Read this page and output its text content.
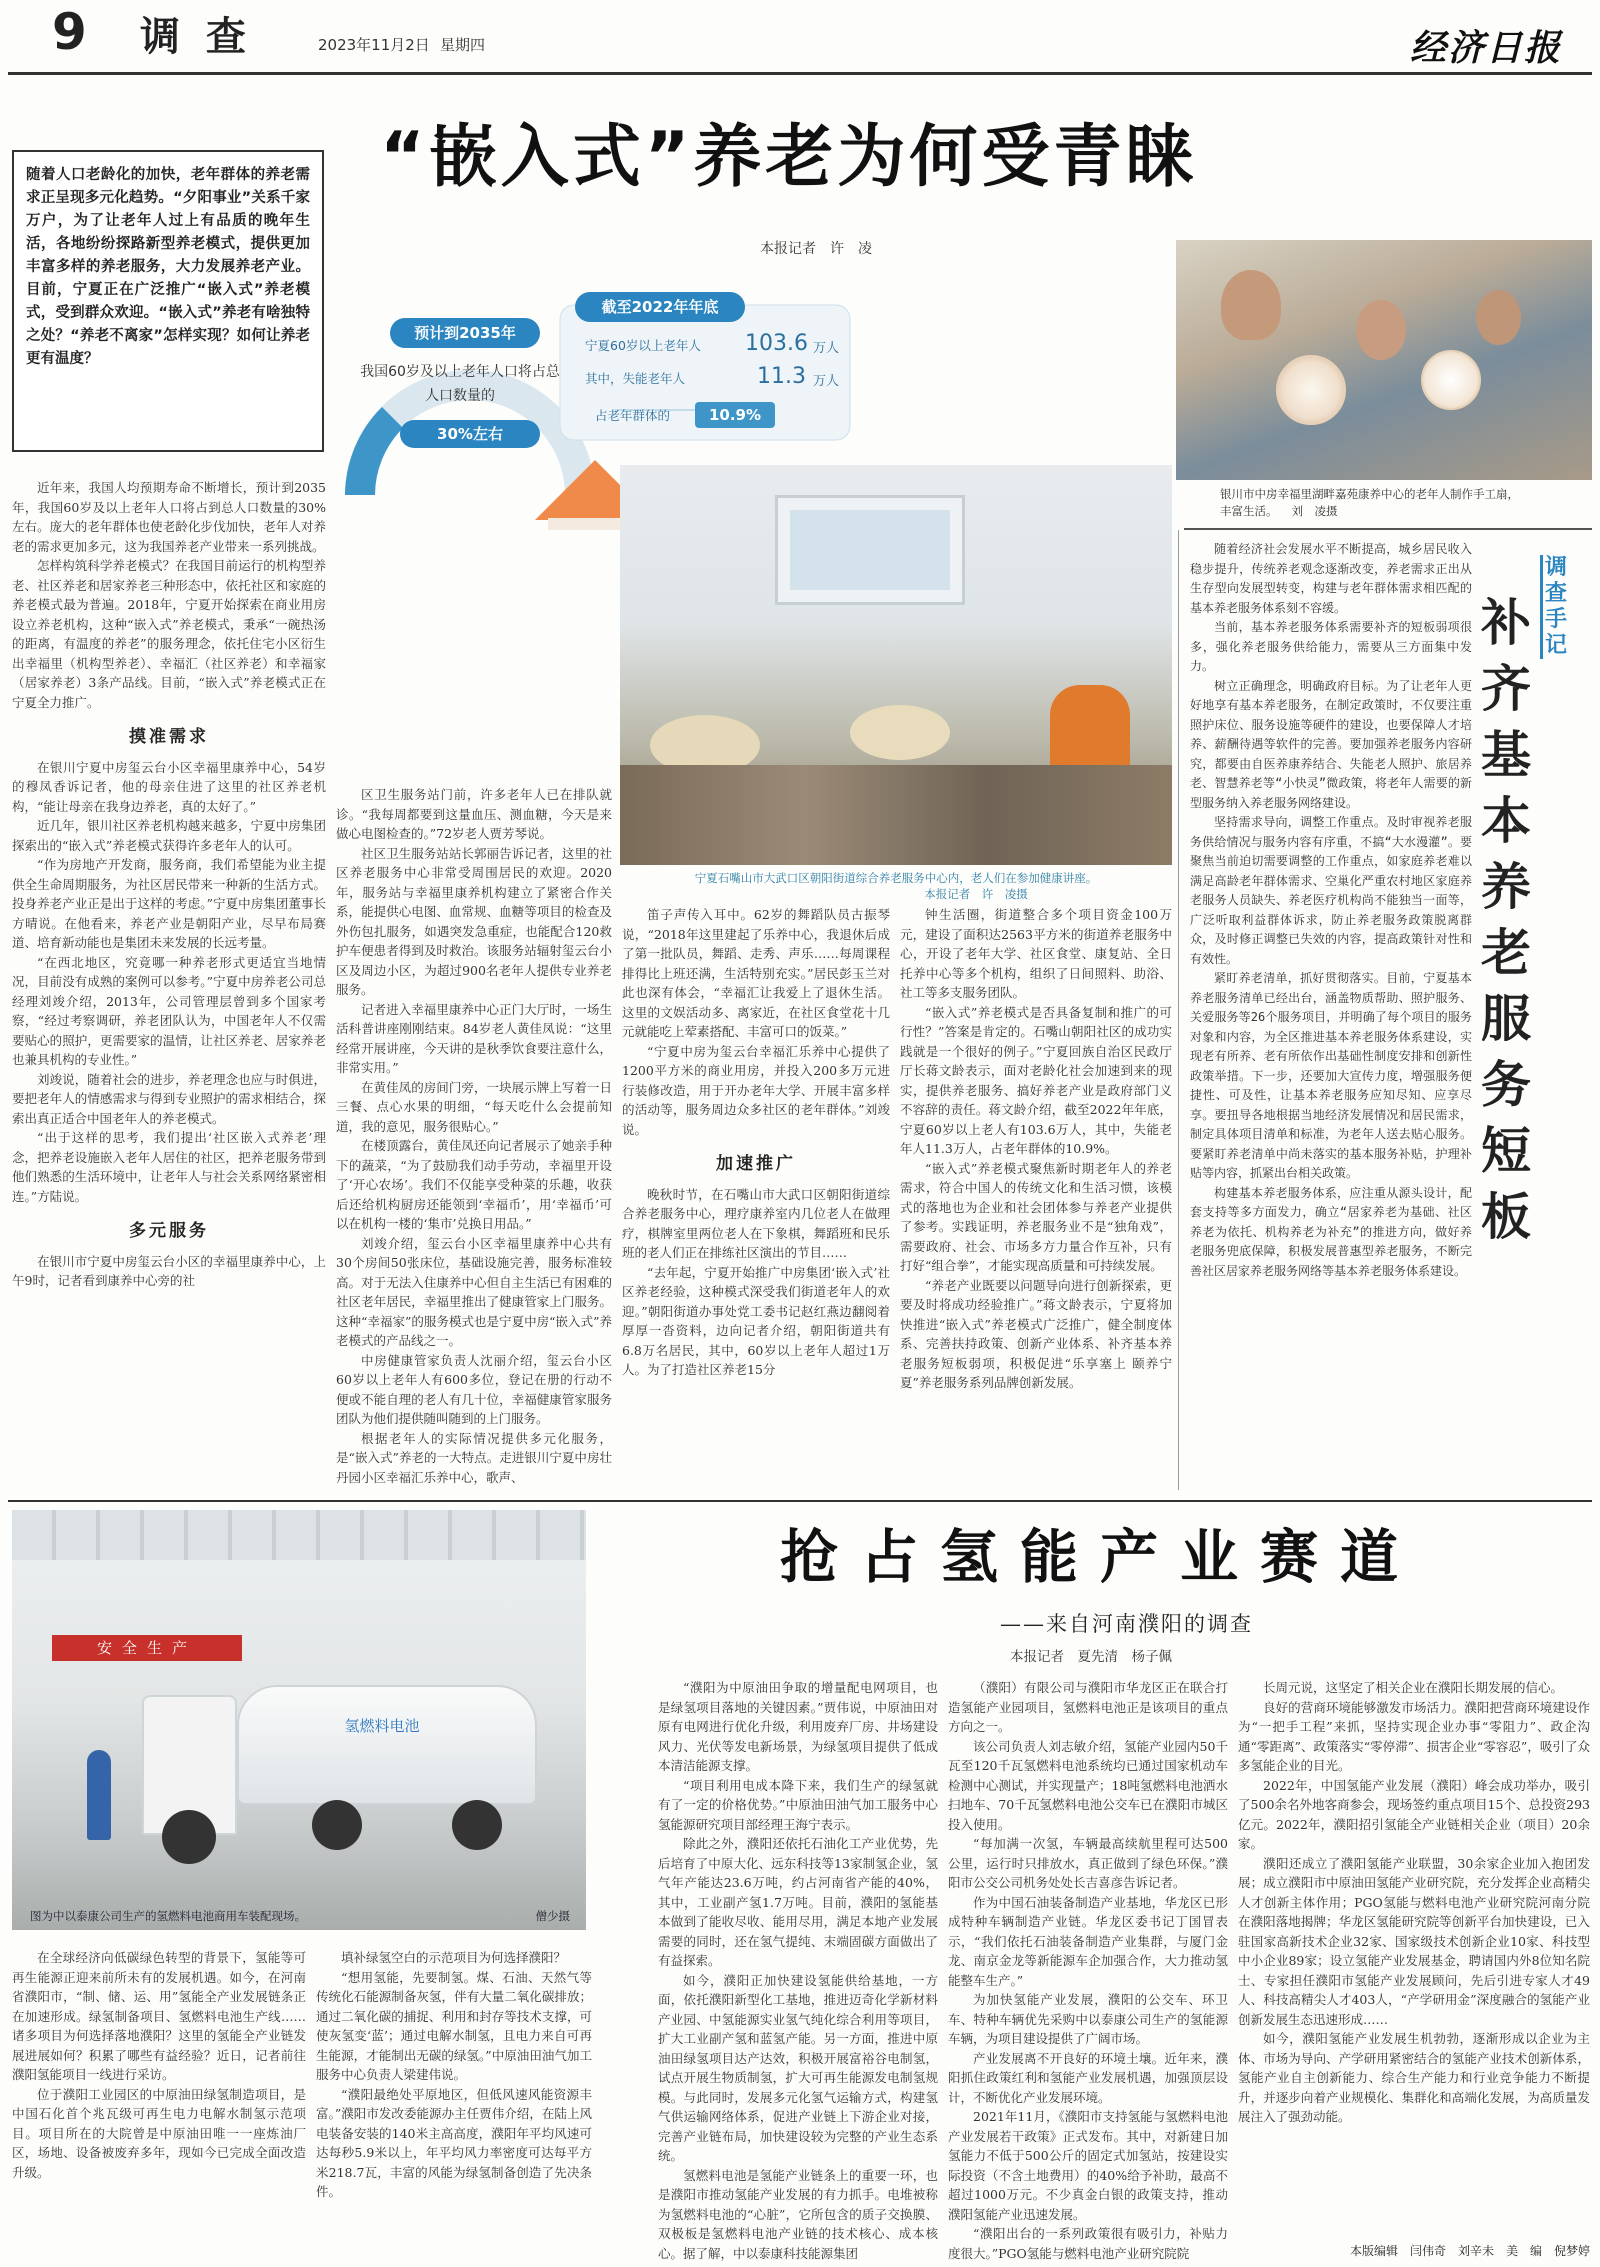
9 调 查	2023年11月2日 星期四	经济日报
“嵌入式”养老为何受青睐
本报记者　许　凌
随着人口老龄化的加快，老年群体的养老需求正呈现多元化趋势。“夕阳事业”关系千家万户，为了让老年人过上有品质的晚年生活，各地纷纷探路新型养老模式，提供更加丰富多样的养老服务，大力发展养老产业。目前，宁夏正在广泛推广“嵌入式”养老模式，受到群众欢迎。“嵌入式”养老有啥独特之处？“养老不离家”怎样实现？如何让养老更有温度？
预计到2035年
我国60岁及以上老年人口将占总人口数量的
30%左右
截至2022年年底
宁夏60岁以上老年人 103.6 万人
其中，失能老年人	11.3 万人
占老年群体的	10.9%
银川市中房幸福里湖畔嘉苑康养中心的老年人制作手工扇，丰富生活。 刘　凌摄
宁夏石嘴山市大武口区朝阳街道综合养老服务中心内，老人们在参加健康讲座。
本报记者　许　凌摄

近年来，我国人均预期寿命不断增长，预计到2035年，我国60岁及以上老年人口将占到总人口数量的30%左右。庞大的老年群体也使老龄化步伐加快，老年人对养老的需求更加多元，这为我国养老产业带来一系列挑战。

怎样构筑科学养老模式？在我国目前运行的机构型养老、社区养老和居家养老三种形态中，依托社区和家庭的养老模式最为普遍。2018年，宁夏开始探索在商业用房设立养老机构，这种“嵌入式”养老模式，秉承“一碗热汤的距离，有温度的养老”的服务理念，依托住宅小区衍生出幸福里（机构型养老）、幸福汇（社区养老）和幸福家（居家养老）3条产品线。目前，“嵌入式”养老模式正在宁夏全力推广。

摸准需求

在银川宁夏中房玺云台小区幸福里康养中心，54岁的穆凤香诉记者，他的母亲住进了这里的社区养老机构，“能让母亲在我身边养老，真的太好了。”

近几年，银川社区养老机构越来越多，宁夏中房集团探索出的“嵌入式”养老模式获得许多老年人的认可。

“作为房地产开发商，服务商，我们希望能为业主提供全生命周期服务，为社区居民带来一种新的生活方式。投身养老产业正是出于这样的考虑。”宁夏中房集团董事长方晴说。在他看来，养老产业是朝阳产业，尽早布局赛道、培育新动能也是集团未来发展的长远考量。

“在西北地区，究竟哪一种养老形式更适宜当地情况，目前没有成熟的案例可以参考。”宁夏中房养老公司总经理刘竣介绍，2013年，公司管理层曾到多个国家考察，“经过考察调研，养老团队认为，中国老年人不仅需要贴心的照护，更需要家的温情，让社区养老、居家养老也兼具机构的专业性。”

刘竣说，随着社会的进步，养老理念也应与时俱进，要把老年人的情感需求与得到专业照护的需求相结合，探索出真正适合中国老年人的养老模式。

“出于这样的思考，我们提出‘社区嵌入式养老’理念，把养老设施嵌入老年人居住的社区，把养老服务带到他们熟悉的生活环境中，让老年人与社会关系网络紧密相连。”方陆说。

多元服务

在银川市宁夏中房玺云台小区的幸福里康养中心，上午9时，记者看到康养中心旁的社

区卫生服务站门前，许多老年人已在排队就诊。“我每周都要到这量血压、测血糖，今天是来做心电图检查的。”72岁老人贾芳琴说。

社区卫生服务站站长郭丽告诉记者，这里的社区养老服务中心非常受周围居民的欢迎。2020年，服务站与幸福里康养机构建立了紧密合作关系，能提供心电图、血常规、血糖等项目的检查及外伤包扎服务，如遇突发急重症，也能配合120救护车便患者得到及时救治。该服务站辐射玺云台小区及周边小区，为超过900名老年人提供专业养老服务。

记者进入幸福里康养中心正门大厅时，一场生活科普讲座刚刚结束。84岁老人黄佳凤说：“这里经常开展讲座，今天讲的是秋季饮食要注意什么，非常实用。”

在黄佳凤的房间门旁，一块展示牌上写着一日三餐、点心水果的明细，“每天吃什么会提前知道，我的意见，服务很贴心。”

在楼顶露台，黄佳凤还向记者展示了她亲手种下的蔬菜，“为了鼓励我们动手劳动，幸福里开设了‘开心农场’。我们不仅能享受种菜的乐趣，收获后还给机构厨房还能领到‘幸福币’，用‘幸福币’可以在机构一楼的‘集市’兑换日用品。”

刘竣介绍，玺云台小区幸福里康养中心共有30个房间50张床位，基础设施完善，服务标准较高。对于无法入住康养中心但自主生活已有困难的社区老年居民，幸福里推出了健康管家上门服务。这种“幸福家”的服务模式也是宁夏中房“嵌入式”养老模式的产品线之一。

中房健康管家负责人沈丽介绍，玺云台小区60岁以上老年人有600多位，登记在册的行动不便或不能自理的老人有几十位，幸福健康管家服务团队为他们提供随叫随到的上门服务。

根据老年人的实际情况提供多元化服务，是“嵌入式”养老的一大特点。走进银川宁夏中房壮丹园小区幸福汇乐养中心，歌声、

笛子声传入耳中。62岁的舞蹈队员古振琴说，“2018年这里建起了乐养中心，我退休后成了第一批队员，舞蹈、走秀、声乐……每周课程排得比上班还满，生活特别充实。”居民彭玉兰对此也深有体会，“幸福汇让我爱上了退休生活。这里的文娱活动多、离家近，在社区食堂花十几元就能吃上荤素搭配、丰富可口的饭菜。”

“宁夏中房为玺云台幸福汇乐养中心提供了1200平方米的商业用房，并投入200多万元进行装修改造，用于开办老年大学、开展丰富多样的活动等，服务周边众多社区的老年群体。”刘竣说。

加速推广

晚秋时节，在石嘴山市大武口区朝阳街道综合养老服务中心，理疗康养室内几位老人在做理疗，棋牌室里两位老人在下象棋，舞蹈班和民乐班的老人们正在排练社区演出的节目……

“去年起，宁夏开始推广中房集团‘嵌入式’社区养老经验，这种模式深受我们街道老年人的欢迎。”朝阳街道办事处党工委书记赵红燕边翻阅着厚厚一沓资料，边向记者介绍，朝阳街道共有6.8万名居民，其中，60岁以上老年人超过1万人。为了打造社区养老15分

钟生活圈，街道整合多个项目资金100万元，建设了面积达2563平方米的街道养老服务中心，开设了老年大学、社区食堂、康复站、全日托养中心等多个机构，组织了日间照料、助浴、社工等多支服务团队。

“嵌入式”养老模式是否具备复制和推广的可行性？”答案是肯定的。石嘴山朝阳社区的成功实践就是一个很好的例子。”宁夏回族自治区民政厅厅长蒋文龄表示，面对老龄化社会加速到来的现实，提供养老服务、搞好养老产业是政府部门义不容辞的责任。蒋文龄介绍，截至2022年年底，宁夏60岁以上老人有103.6万人，其中，失能老年人11.3万人，占老年群体的10.9%。

“嵌入式”养老模式聚焦新时期老年人的养老需求，符合中国人的传统文化和生活习惯，该模式的落地也为企业和社会团体参与养老产业提供了参考。实践证明，养老服务业不是“独角戏”，需要政府、社会、市场多方力量合作互补，只有打好“组合拳”，才能实现高质量和可持续发展。

“养老产业既要以问题导向进行创新探索，更要及时将成功经验推广。”蒋文龄表示，宁夏将加快推进“嵌入式”养老模式广泛推广，健全制度体系、完善扶持政策、创新产业体系、补齐基本养老服务短板弱项，积极促进“乐享塞上 颐养宁夏”养老服务系列品牌创新发展。

调查手记
补齐基本养老服务短板

随着经济社会发展水平不断提高，城乡居民收入稳步提升，传统养老观念逐渐改变，养老需求正出从生存型向发展型转变，构建与老年群体需求相匹配的基本养老服务体系刻不容缓。

当前，基本养老服务体系需要补齐的短板弱项很多，强化养老服务供给能力，需要从三方面集中发力。

树立正确理念，明确政府目标。为了让老年人更好地享有基本养老服务，在制定政策时，不仅要注重照护床位、服务设施等硬件的建设，也要保障人才培养、薪酬待遇等软件的完善。要加强养老服务内容研究，都要由自医养康养结合、失能老人照护、旅居养老、智慧养老等“小快灵”微政策，将老年人需要的新型服务纳入养老服务网络建设。

坚持需求导向，调整工作重点。及时审视养老服务供给情况与服务内容有序重，不搞“大水漫灌”。要聚焦当前迫切需要调整的工作重点，如家庭养老难以满足高龄老年群体需求、空巢化严重农村地区家庭养老服务人员缺失、养老医疗机构尚不能独当一面等，广泛听取利益群体诉求，防止养老服务政策脱离群众，及时修正调整已失效的内容，提高政策针对性和有效性。

紧盯养老清单，抓好贯彻落实。目前，宁夏基本养老服务清单已经出台，涵盖物质帮助、照护服务、关爱服务等26个服务项目，并明确了每个项目的服务对象和内容，为全区推进基本养老服务体系建设，实现老有所养、老有所依作出基础性制度安排和创新性政策举措。下一步，还要加大宣传力度，增强服务便捷性、可及性，让基本养老服务应知尽知、应享尽享。要扭导各地根据当地经济发展情况和居民需求，制定具体项目清单和标准，为老年人送去贴心服务。要紧盯养老清单中尚未落实的基本服务补贴，护理补贴等内容，抓紧出台相关政策。

构建基本养老服务体系，应注重从源头设计，配套支持等多方面发力，确立“居家养老为基础、社区养老为依托、机构养老为补充”的推进方向，做好养老服务兜底保障，积极发展普惠型养老服务，不断完善社区居家养老服务网络等基本养老服务体系建设。

安全生产
氢燃料电池
图为中以泰康公司生产的氢燃料电池商用车装配现场。	僧少摄
抢占氢能产业赛道
——来自河南濮阳的调查
本报记者　夏先清　杨子佩

在全球经济向低碳绿色转型的背景下，氢能等可再生能源正迎来前所未有的发展机遇。如今，在河南省濮阳市，“制、储、运、用”氢能全产业发展链条正在加速形成。绿氢制备项目、氢燃料电池生产线……诸多项目为何选择落地濮阳？这里的氢能全产业链发展进展如何？积累了哪些有益经验？近日，记者前往濮阳氢能项目一线进行采访。

位于濮阳工业园区的中原油田绿氢制造项目，是中国石化首个兆瓦级可再生电力电解水制氢示范项目。项目所在的大院曾是中原油田唯一一座炼油厂区，场地、设备被废弃多年，现如今已完成全面改造升级。

填补绿氢空白的示范项目为何选择濮阳？

“想用氢能，先要制氢。煤、石油、天然气等传统化石能源制备灰氢，伴有大量二氧化碳排放；通过二氧化碳的捕捉、利用和封存等技术支撑，可使灰氢变‘蓝’；通过电解水制氢，且电力来自可再生能源，才能制出无碳的绿氢。”中原油田油气加工服务中心负责人梁建伟说。

“濮阳最绝处平原地区，但低风速风能资源丰富。”濮阳市发改委能源办主任贾伟介绍，在陆上风电装备安装的140米主高高度，濮阳年平均风速可达每秒5.9米以上，年平均风力率密度可达每平方米218.7瓦，丰富的风能为绿氢制备创造了先决条件。

“濮阳为中原油田争取的增量配电网项目，也是绿氢项目落地的关键因素。”贾伟说，中原油田对原有电网进行优化升级，利用废弃厂房、井场建设风力、光伏等发电新场景，为绿氢项目提供了低成本清洁能源支撑。

“项目利用电成本降下来，我们生产的绿氢就有了一定的价格优势。”中原油田油气加工服务中心氢能源研究项目部经理王海宁表示。

除此之外，濮阳还依托石油化工产业优势，先后培育了中原大化、远东科技等13家制氢企业，氢气年产能达23.6万吨，约占河南省产能的40%，其中，工业副产氢1.7万吨。目前，濮阳的氢能基本做到了能收尽收、能用尽用，满足本地产业发展需要的同时，还在氢气提纯、末端固碳方面做出了有益探索。

如今，濮阳正加快建设氢能供给基地，一方面，依托濮阳新型化工基地，推进迈奇化学新材料产业园、中氢能源实业氢气纯化综合利用等项目，扩大工业副产氢和蓝氢产能。另一方面，推进中原油田绿氢项目达产达效，积极开展富裕谷电制氢，试点开展生物质制氢，扩大可再生能源发电制氢规模。与此同时，发展多元化氢气运输方式，构建氢气供运输网络体系，促进产业链上下游企业对接，完善产业链布局，加快建设较为完整的产业生态系统。

氢燃料电池是氢能产业链条上的重要一环，也是濮阳市推动氢能产业发展的有力抓手。电堆被称为氢燃料电池的“心脏”，它所包含的质子交换膜、双极板是氢燃料电池产业链的技术核心、成本核心。据了解，中以泰康科技能源集团

（濮阳）有限公司与濮阳市华龙区正在联合打造氢能产业园项目，氢燃料电池正是该项目的重点方向之一。

该公司负责人刘志敏介绍，氢能产业园内50千瓦至120千瓦氢燃料电池系统均已通过国家机动车检测中心测试，并实现量产；18吨氢燃料电池洒水扫地车、70千瓦氢燃料电池公交车已在濮阳市城区投入使用。

“每加满一次氢，车辆最高续航里程可达500公里，运行时只排放水，真正做到了绿色环保。”濮阳市公交公司机务处处长吉喜彦告诉记者。

作为中国石油装备制造产业基地，华龙区已形成特种车辆制造产业链。华龙区委书记丁国冒表示，“我们依托石油装备制造产业集群，与厦门金龙、南京金龙等新能源车企加强合作，大力推动氢能整车生产。”

为加快氢能产业发展，濮阳的公交车、环卫车、特种车辆优先采购中以泰康公司生产的氢能源车辆，为项目建设提供了广阔市场。

产业发展离不开良好的环境土壤。近年来，濮阳抓住政策红利和氢能产业发展机遇，加强顶层设计，不断优化产业发展环境。

2021年11月，《濮阳市支持氢能与氢燃料电池产业发展若干政策》正式发布。其中，对新建日加氢能力不低于500公斤的固定式加氢站，按建设实际投资（不含土地费用）的40%给予补助，最高不超过1000万元。不少真金白银的政策支持，推动濮阳氢能产业迅速发展。

“濮阳出台的一系列政策很有吸引力，补贴力度很大。”PGO氢能与燃料电池产业研究院院

长周元说，这坚定了相关企业在濮阳长期发展的信心。

良好的营商环境能够激发市场活力。濮阳把营商环境建设作为“一把手工程”来抓，坚持实现企业办事“零阻力”、政企沟通“零距离”、政策落实“零停滞”、损害企业“零容忍”，吸引了众多氢能企业的目光。

2022年，中国氢能产业发展（濮阳）峰会成功举办，吸引了500余名外地客商参会，现场签约重点项目15个、总投资293亿元。2022年，濮阳招引氢能全产业链相关企业（项目）20余家。

濮阳还成立了濮阳氢能产业联盟，30余家企业加入抱团发展；成立濮阳市中原油田氢能产业研究院，充分发挥企业高精尖人才创新主体作用；PGO氢能与燃料电池产业研究院河南分院在濮阳落地揭牌；华龙区氢能研究院等创新平台加快建设，已入驻国家高新技术企业32家、国家级技术创新企业10家、科技型中小企业89家；设立氢能产业发展基金，聘请国内外8位知名院士、专家担任濮阳市氢能产业发展顾问，先后引进专家人才49人、科技高精尖人才403人，“产学研用金”深度融合的氢能产业创新发展生态迅速形成……

如今，濮阳氢能产业发展生机勃勃，逐渐形成以企业为主体、市场为导向、产学研用紧密结合的氢能产业技术创新体系，氢能产业自主创新能力、综合生产能力和行业竞争能力不断提升，并逐步向着产业规模化、集群化和高端化发展，为高质量发展注入了强劲动能。

本版编辑　闫伟奇　刘辛未　美　编　倪梦婷
